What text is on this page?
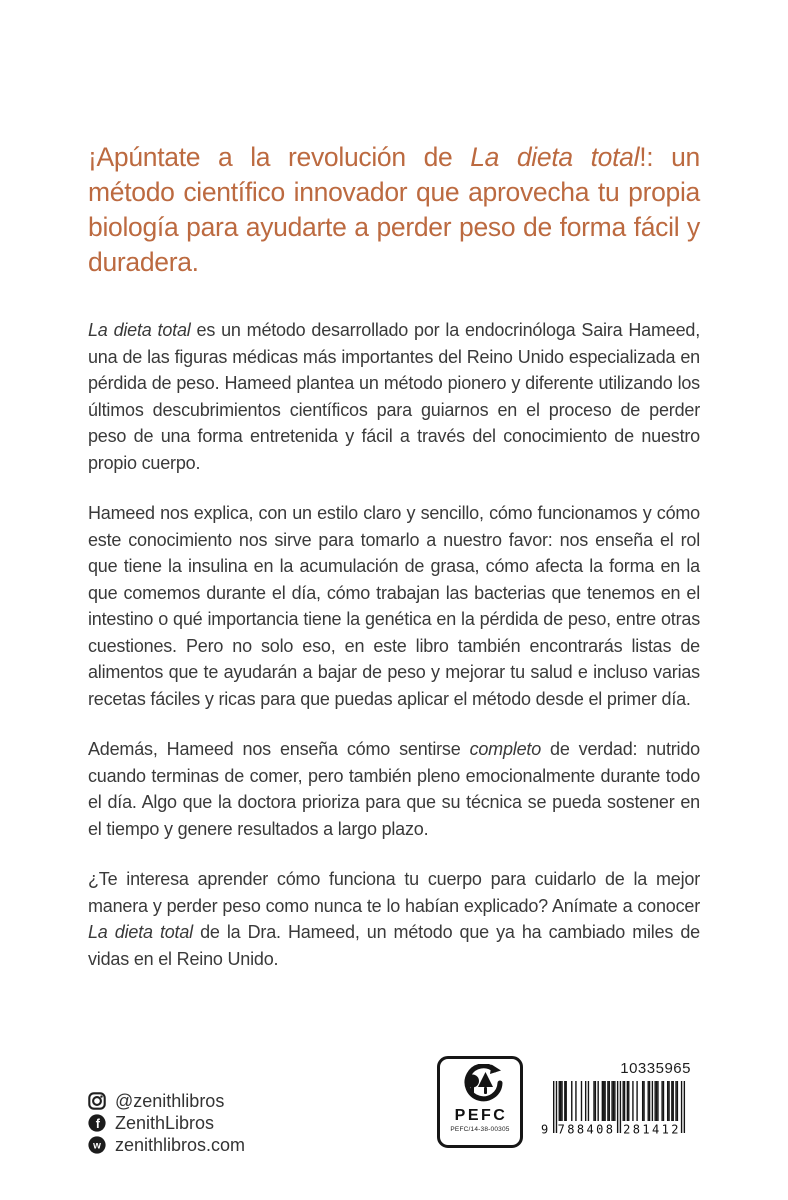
¡Apúntate a la revolución de La dieta total!: un método científico innovador que aprovecha tu propia biología para ayudarte a perder peso de forma fácil y duradera.

La dieta total es un método desarrollado por la endocrinóloga Saira Hameed, una de las figuras médicas más importantes del Reino Unido especializada en pérdida de peso. Hameed plantea un método pionero y diferente utilizando los últimos descubrimientos científicos para guiarnos en el proceso de perder peso de una forma entretenida y fácil a través del conocimiento de nuestro propio cuerpo.

Hameed nos explica, con un estilo claro y sencillo, cómo funcionamos y cómo este conocimiento nos sirve para tomarlo a nuestro favor: nos enseña el rol que tiene la insulina en la acumulación de grasa, cómo afecta la forma en la que comemos durante el día, cómo trabajan las bacterias que tenemos en el intestino o qué importancia tiene la genética en la pérdida de peso, entre otras cuestiones. Pero no solo eso, en este libro también encontrarás listas de alimentos que te ayudarán a bajar de peso y mejorar tu salud e incluso varias recetas fáciles y ricas para que puedas aplicar el método desde el primer día.

Además, Hameed nos enseña cómo sentirse completo de verdad: nutrido cuando terminas de comer, pero también pleno emocionalmente durante todo el día. Algo que la doctora prioriza para que su técnica se pueda sostener en el tiempo y genere resultados a largo plazo.

¿Te interesa aprender cómo funciona tu cuerpo para cuidarlo de la mejor manera y perder peso como nunca te lo habían explicado? Anímate a conocer La dieta total de la Dra. Hameed, un método que ya ha cambiado miles de vidas en el Reino Unido.

@zenithlibros
f ZenithLibros
w zenithlibros.com
PEFC
PEFC/14-38-00305
10335965
9 788408 281412
